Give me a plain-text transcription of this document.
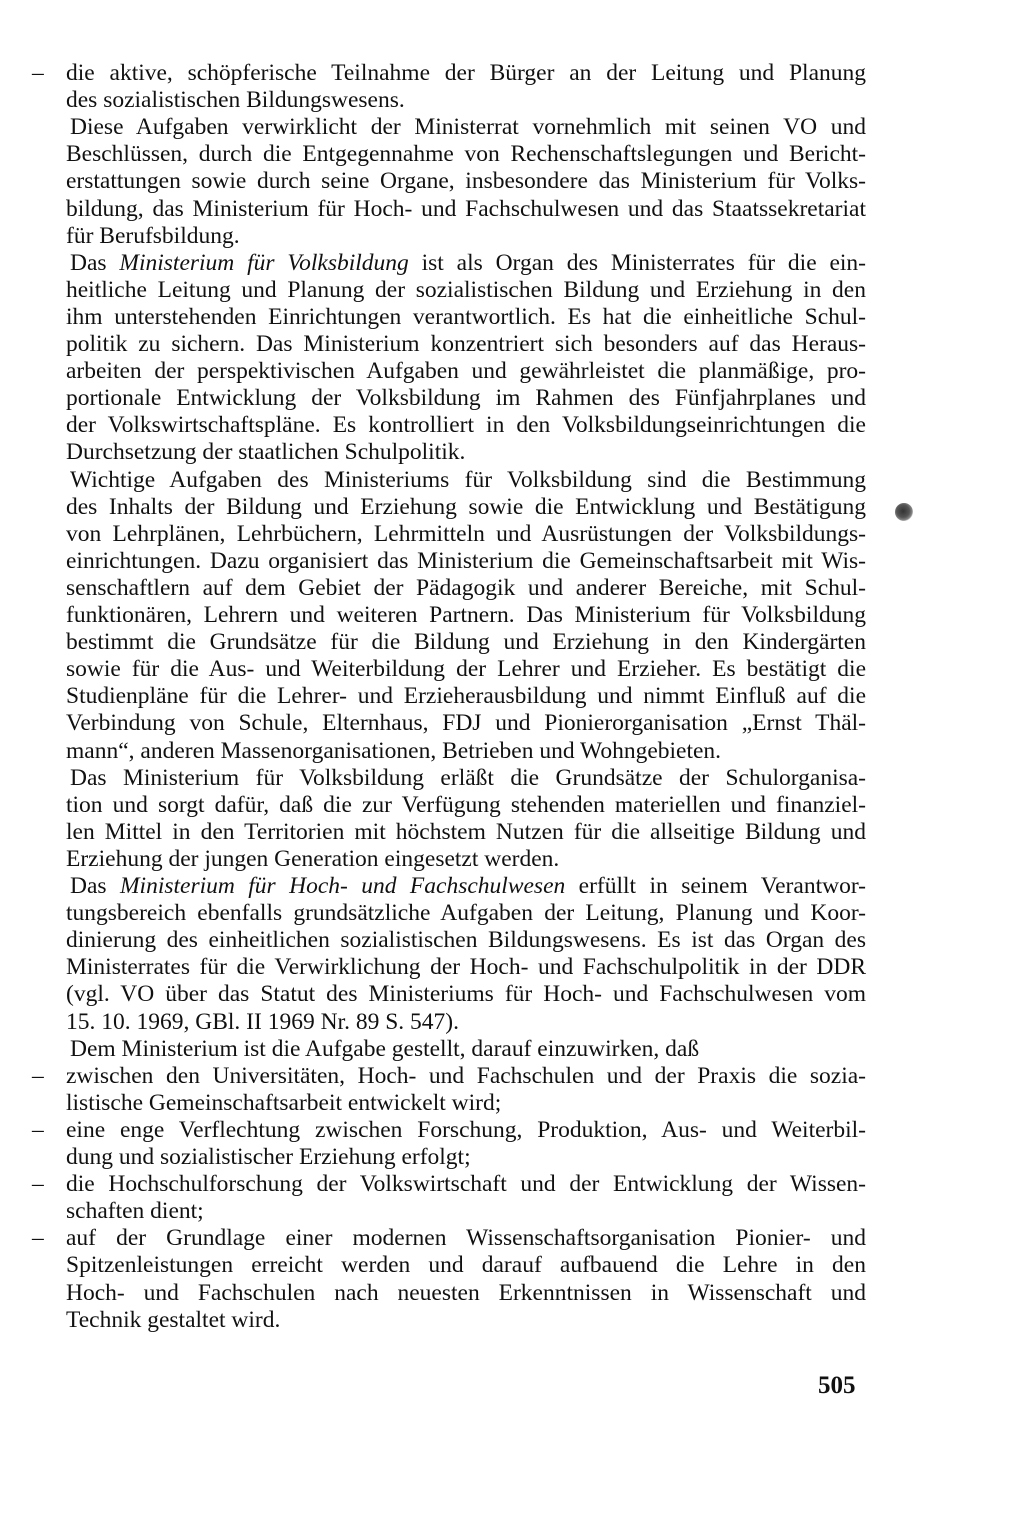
– die aktive, schöpferische Teilnahme der Bürger an der Leitung und Planung
des sozialistischen Bildungswesens.
Diese Aufgaben verwirklicht der Ministerrat vornehmlich mit seinen VO und
Beschlüssen, durch die Entgegennahme von Rechenschaftslegungen und Bericht-
erstattungen sowie durch seine Organe, insbesondere das Ministerium für Volks-
bildung, das Ministerium für Hoch- und Fachschulwesen und das Staatssekretariat
für Berufsbildung.
Das Ministerium für Volksbildung ist als Organ des Ministerrates für die ein-
heitliche Leitung und Planung der sozialistischen Bildung und Erziehung in den
ihm unterstehenden Einrichtungen verantwortlich. Es hat die einheitliche Schul-
politik zu sichern. Das Ministerium konzentriert sich besonders auf das Heraus-
arbeiten der perspektivischen Aufgaben und gewährleistet die planmäßige, pro-
portionale Entwicklung der Volksbildung im Rahmen des Fünfjahrplanes und
der Volkswirtschaftspläne. Es kontrolliert in den Volksbildungseinrichtungen die
Durchsetzung der staatlichen Schulpolitik.
Wichtige Aufgaben des Ministeriums für Volksbildung sind die Bestimmung
des Inhalts der Bildung und Erziehung sowie die Entwicklung und Bestätigung
von Lehrplänen, Lehrbüchern, Lehrmitteln und Ausrüstungen der Volksbildungs-
einrichtungen. Dazu organisiert das Ministerium die Gemeinschaftsarbeit mit Wis-
senschaftlern auf dem Gebiet der Pädagogik und anderer Bereiche, mit Schul-
funktionären, Lehrern und weiteren Partnern. Das Ministerium für Volksbildung
bestimmt die Grundsätze für die Bildung und Erziehung in den Kindergärten
sowie für die Aus- und Weiterbildung der Lehrer und Erzieher. Es bestätigt die
Studienpläne für die Lehrer- und Erzieherausbildung und nimmt Einfluß auf die
Verbindung von Schule, Elternhaus, FDJ und Pionierorganisation „Ernst Thäl-
mann“, anderen Massenorganisationen, Betrieben und Wohngebieten.
Das Ministerium für Volksbildung erläßt die Grundsätze der Schulorganisa-
tion und sorgt dafür, daß die zur Verfügung stehenden materiellen und finanziel-
len Mittel in den Territorien mit höchstem Nutzen für die allseitige Bildung und
Erziehung der jungen Generation eingesetzt werden.
Das Ministerium für Hoch- und Fachschulwesen erfüllt in seinem Verantwor-
tungsbereich ebenfalls grundsätzliche Aufgaben der Leitung, Planung und Koor-
dinierung des einheitlichen sozialistischen Bildungswesens. Es ist das Organ des
Ministerrates für die Verwirklichung der Hoch- und Fachschulpolitik in der DDR
(vgl. VO über das Statut des Ministeriums für Hoch- und Fachschulwesen vom
15. 10. 1969, GBl. II 1969 Nr. 89 S. 547).
Dem Ministerium ist die Aufgabe gestellt, darauf einzuwirken, daß
– zwischen den Universitäten, Hoch- und Fachschulen und der Praxis die sozia-
listische Gemeinschaftsarbeit entwickelt wird;
– eine enge Verflechtung zwischen Forschung, Produktion, Aus- und Weiterbil-
dung und sozialistischer Erziehung erfolgt;
– die Hochschulforschung der Volkswirtschaft und der Entwicklung der Wissen-
schaften dient;
– auf der Grundlage einer modernen Wissenschaftsorganisation Pionier- und
Spitzenleistungen erreicht werden und darauf aufbauend die Lehre in den
Hoch- und Fachschulen nach neuesten Erkenntnissen in Wissenschaft und
Technik gestaltet wird.
505
